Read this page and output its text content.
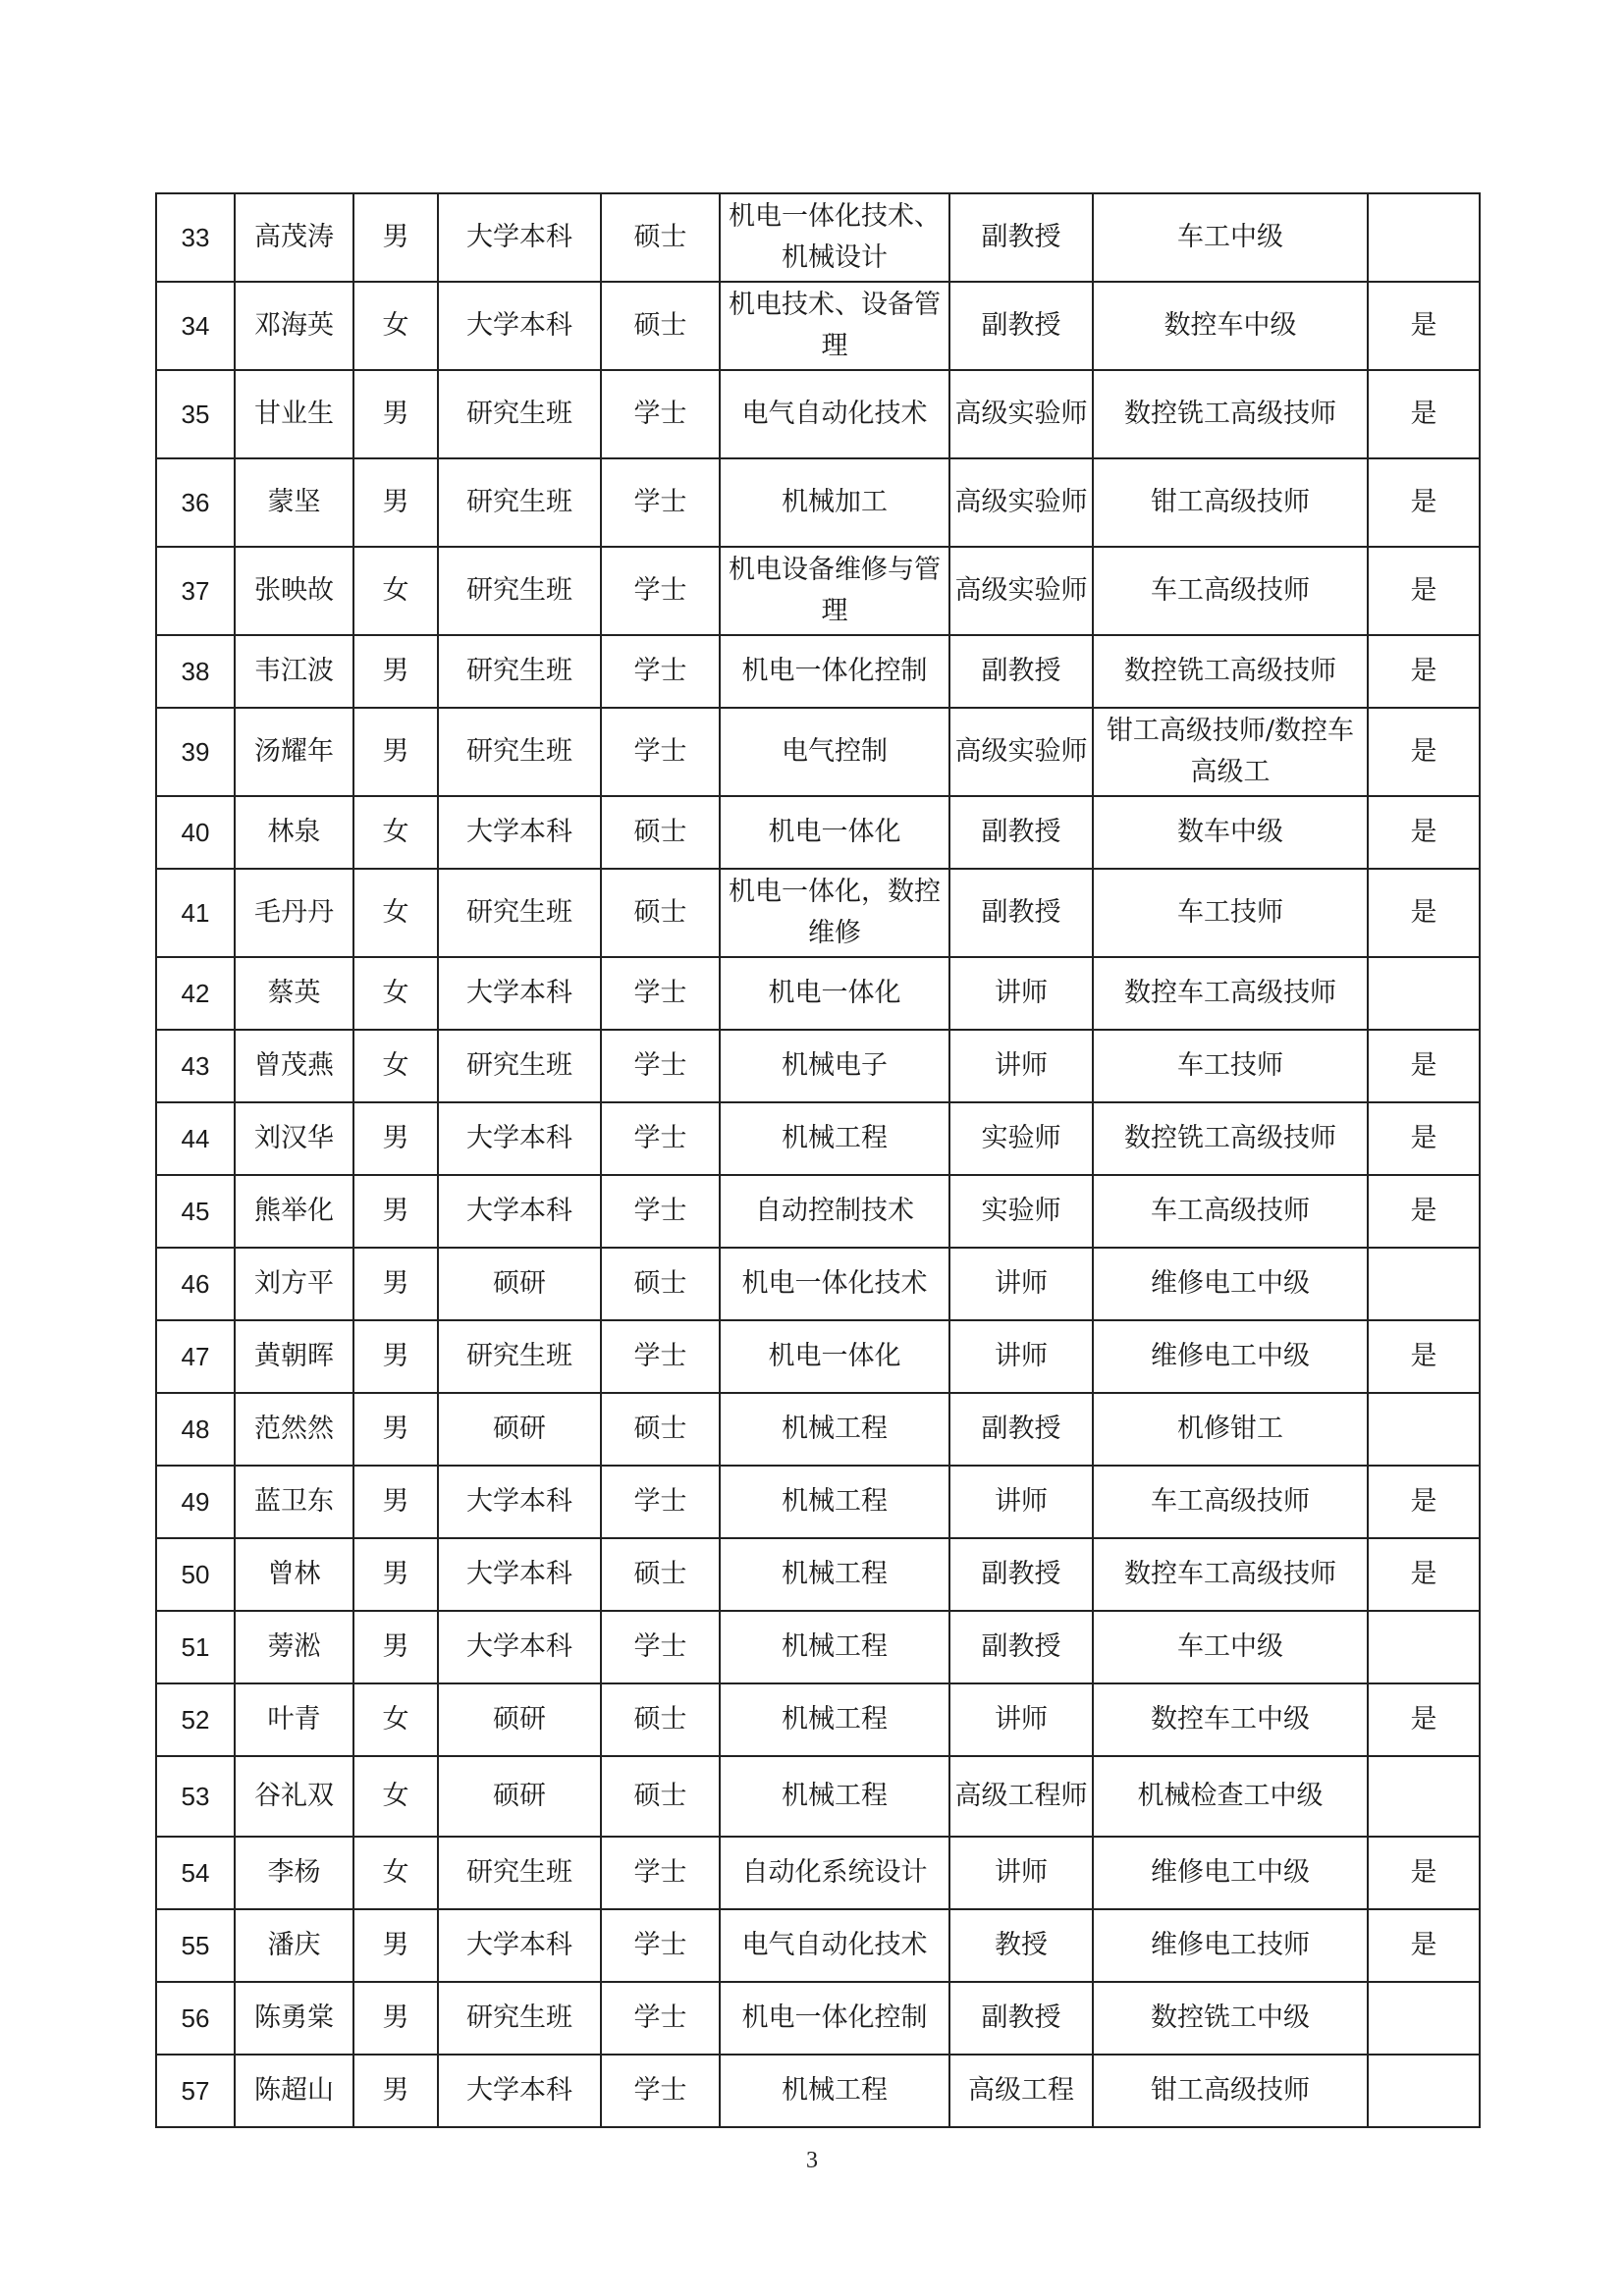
33	高茂涛	男	大学本科	硕士	机电一体化技术、机械设计	副教授	车工中级	
34	邓海英	女	大学本科	硕士	机电技术、设备管理	副教授	数控车中级	是
35	甘业生	男	研究生班	学士	电气自动化技术	高级实验师	数控铣工高级技师	是
36	蒙坚	男	研究生班	学士	机械加工	高级实验师	钳工高级技师	是
37	张映故	女	研究生班	学士	机电设备维修与管理	高级实验师	车工高级技师	是
38	韦江波	男	研究生班	学士	机电一体化控制	副教授	数控铣工高级技师	是
39	汤耀年	男	研究生班	学士	电气控制	高级实验师	钳工高级技师/数控车高级工	是
40	林泉	女	大学本科	硕士	机电一体化	副教授	数车中级	是
41	毛丹丹	女	研究生班	硕士	机电一体化，数控维修	副教授	车工技师	是
42	蔡英	女	大学本科	学士	机电一体化	讲师	数控车工高级技师	
43	曾茂燕	女	研究生班	学士	机械电子	讲师	车工技师	是
44	刘汉华	男	大学本科	学士	机械工程	实验师	数控铣工高级技师	是
45	熊举化	男	大学本科	学士	自动控制技术	实验师	车工高级技师	是
46	刘方平	男	硕研	硕士	机电一体化技术	讲师	维修电工中级	
47	黄朝晖	男	研究生班	学士	机电一体化	讲师	维修电工中级	是
48	范然然	男	硕研	硕士	机械工程	副教授	机修钳工	
49	蓝卫东	男	大学本科	学士	机械工程	讲师	车工高级技师	是
50	曾林	男	大学本科	硕士	机械工程	副教授	数控车工高级技师	是
51	蒡淞	男	大学本科	学士	机械工程	副教授	车工中级	
52	叶青	女	硕研	硕士	机械工程	讲师	数控车工中级	是
53	谷礼双	女	硕研	硕士	机械工程	高级工程师	机械检查工中级	
54	李杨	女	研究生班	学士	自动化系统设计	讲师	维修电工中级	是
55	潘庆	男	大学本科	学士	电气自动化技术	教授	维修电工技师	是
56	陈勇棠	男	研究生班	学士	机电一体化控制	副教授	数控铣工中级	
57	陈超山	男	大学本科	学士	机械工程	高级工程	钳工高级技师	
3
